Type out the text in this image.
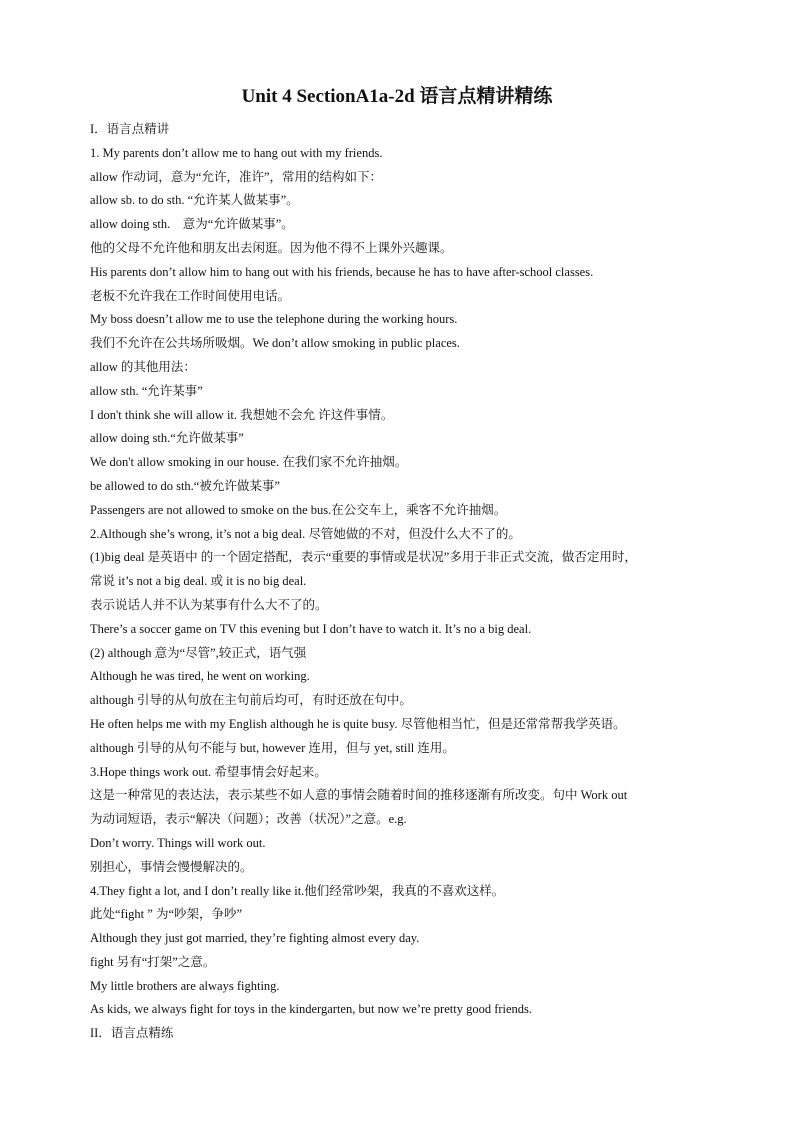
Unit 4 SectionA1a-2d 语言点精讲精练
I．语言点精讲
1. My parents don’t allow me to hang out with my friends.
allow 作动词，意为“允许，准许”，常用的结构如下：
allow sb. to do sth. “允许某人做某事”。
allow doing sth.　意为“允许做某事”。
他的父母不允许他和朋友出去闲逛。因为他不得不上课外兴趣课。
His parents don’t allow him to hang out with his friends, because he has to have after-school classes.
老板不允许我在工作时间使用电话。
My boss doesn’t allow me to use the telephone during the working hours.
我们不允许在公共场所吸烟。We don’t allow smoking in public places.
allow 的其他用法：
allow sth. “允许某事”
I don't think she will allow it. 我想她不会允 许这件事情。
allow doing sth.“允许做某事”
We don't allow smoking in our house. 在我们家不允许抽烟。
be allowed to do sth.“被允许做某事”
Passengers are not allowed to smoke on the bus.在公交车上，乘客不允许抽烟。
2.Although she’s wrong, it’s not a big deal. 尽管她做的不对，但没什么大不了的。
(1)big deal 是英语中 的一个固定搭配，表示“重要的事情或是状况”多用于非正式交流，做否定用时，
常说 it’s not a big deal. 或 it is no big deal.
表示说话人并不认为某事有什么大不了的。
There’s a soccer game on TV this evening but I don’t have to watch it. It’s no a big deal.
(2) although 意为“尽管”,较正式，语气强
Although he was tired, he went on working.
although 引导的从句放在主句前后均可，有时还放在句中。
He often helps me with my English although he is quite busy. 尽管他相当忙，但是还常常帮我学英语。
although 引导的从句不能与 but, however 连用，但与 yet, still 连用。
3.Hope things work out. 希望事情会好起来。
这是一种常见的表达法，表示某些不如人意的事情会随着时间的推移逐渐有所改变。句中 Work out
为动词短语，表示“解决（问题）；改善（状况）”之意。e.g.
Don’t worry. Things will work out.
别担心，事情会慢慢解决的。
4.They fight a lot, and I don’t really like it.他们经常吵架，我真的不喜欢这样。
此处“fight ” 为“吵架，争吵”
Although they just got married, they’re fighting almost every day.
fight 另有“打架”之意。
My little brothers are always fighting.
As kids, we always fight for toys in the kindergarten, but now we’re pretty good friends.
II．语言点精练
